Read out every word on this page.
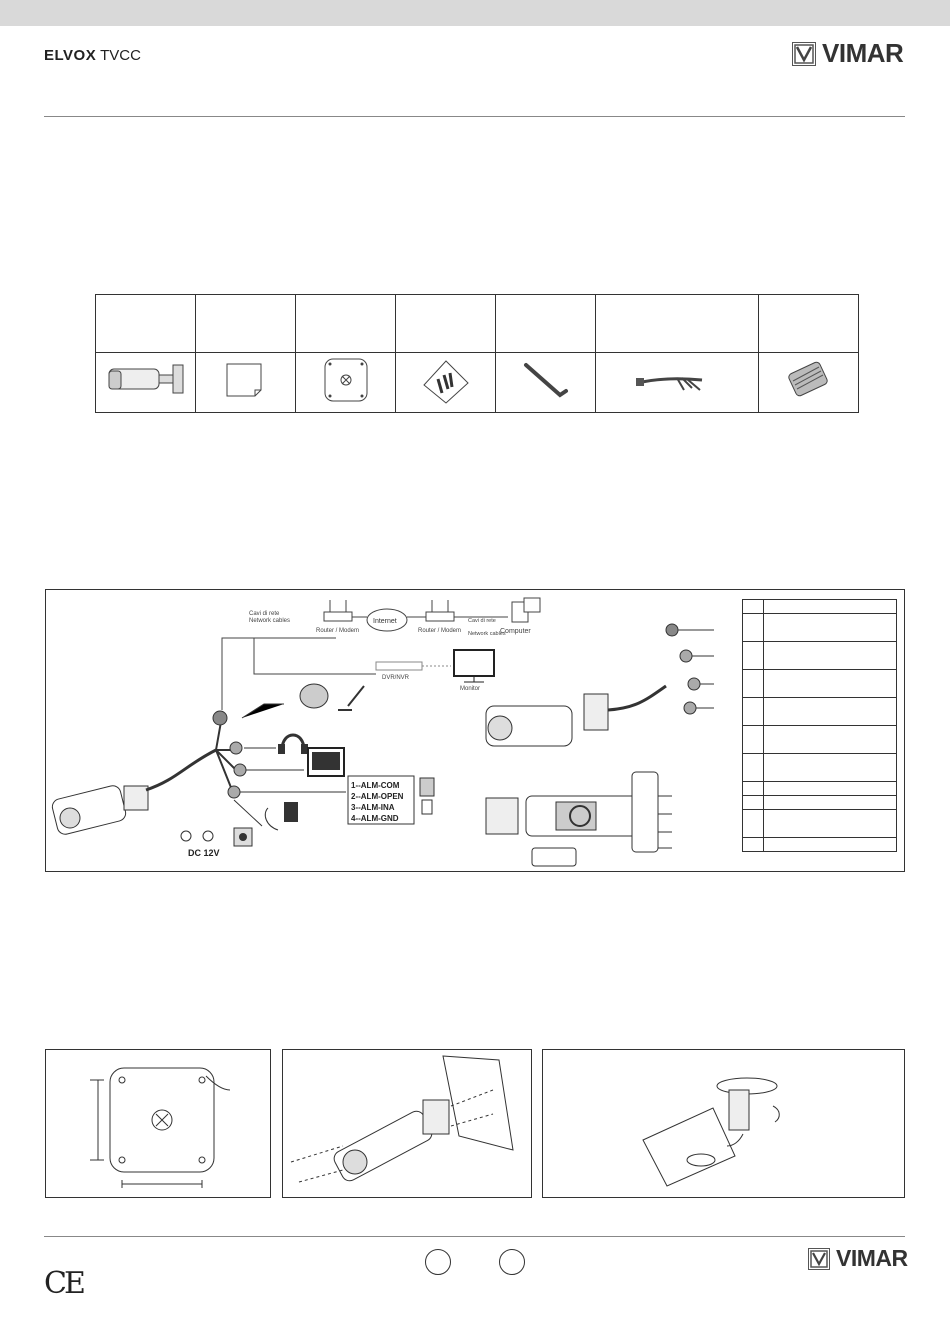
ELVOX TVCC	VIMAR

Cavi di rete
Network cables
Router / Modem
Internet
Router / Modem
Cavi di rete
Network cables
Computer
DVR/NVR
Monitor
1--ALM-COM
2--ALM-OPEN
3--ALM-INA
4--ALM-GND
DC 12V

CE
VIMAR
